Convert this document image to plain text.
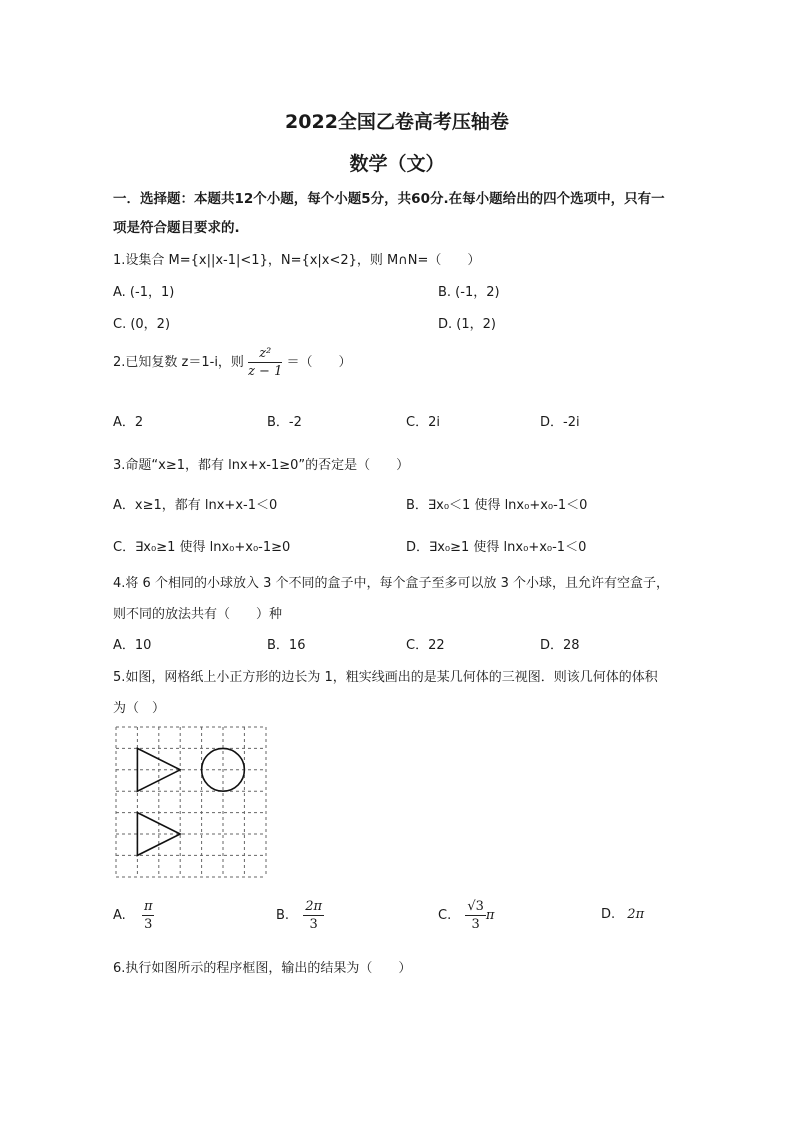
2022全国乙卷高考压轴卷
数学（文）
一．选择题：本题共12个小题，每个小题5分，共60分.在每小题给出的四个选项中，只有一
项是符合题目要求的.
1.设集合 M={x||x-1|<1}，N={x|x<2}，则 M∩N=（　　）
A. (-1，1)	B. (-1，2)
C. (0，2)	D. (1，2)
2.已知复数 z＝1-i，则 $\frac{\text{z²}}{z - 1}$ ＝（　　）
A．2	B．-2	C．2i	D．-2i
3.命题“x≥1，都有 lnx+x-1≥0”的否定是（　　）
A．x≥1，都有 lnx+x-1＜0	B．∃x₀＜1 使得 lnx₀+x₀-1＜0
C．∃x₀≥1 使得 lnx₀+x₀-1≥0	D．∃x₀≥1 使得 lnx₀+x₀-1＜0
4.将 6 个相同的小球放入 3 个不同的盒子中，每个盒子至多可以放 3 个小球，且允许有空盒子，
则不同的放法共有（　　）种
A．10	B．16	C．22	D．28
5.如图，网格纸上小正方形的边长为 1，粗实线画出的是某几何体的三视图．则该几何体的体积
为（　）
A. $\frac{\pi}{3}$	B. $\frac{2\pi}{3}$	C. $\frac{√3}{3}$ π	D. 2π
6.执行如图所示的程序框图，输出的结果为（　　）
